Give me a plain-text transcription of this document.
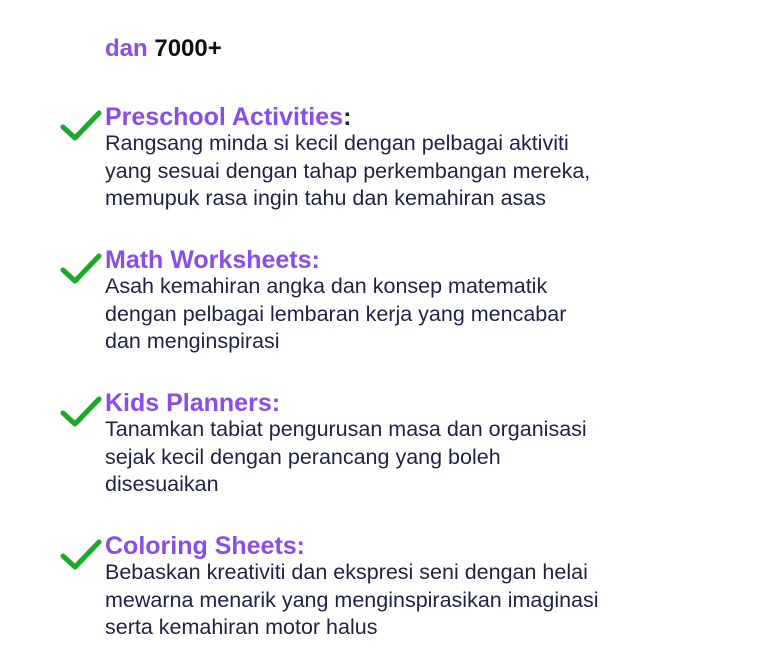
dan 7000+
Preschool Activities:
Rangsang minda si kecil dengan pelbagai aktiviti
yang sesuai dengan tahap perkembangan mereka,
memupuk rasa ingin tahu dan kemahiran asas
Math Worksheets:
Asah kemahiran angka dan konsep matematik
dengan pelbagai lembaran kerja yang mencabar
dan menginspirasi
Kids Planners:
Tanamkan tabiat pengurusan masa dan organisasi
sejak kecil dengan perancang yang boleh
disesuaikan
Coloring Sheets:
Bebaskan kreativiti dan ekspresi seni dengan helai
mewarna menarik yang menginspirasikan imaginasi
serta kemahiran motor halus
